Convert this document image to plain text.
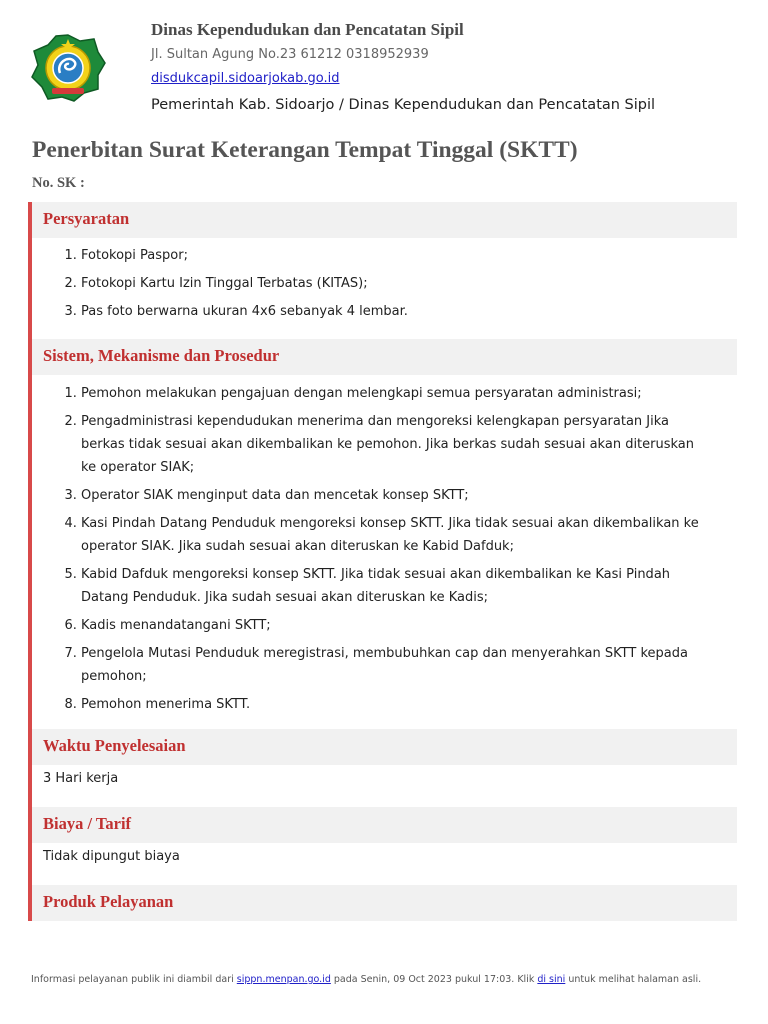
Dinas Kependudukan dan Pencatatan Sipil
Jl. Sultan Agung No.23 61212 0318952939
disdukcapil.sidoarjokab.go.id
Pemerintah Kab. Sidoarjo / Dinas Kependudukan dan Pencatatan Sipil
Penerbitan Surat Keterangan Tempat Tinggal (SKTT)
No. SK :
Persyaratan
1. Fotokopi Paspor;
2. Fotokopi Kartu Izin Tinggal Terbatas (KITAS);
3. Pas foto berwarna ukuran 4x6 sebanyak 4 lembar.
Sistem, Mekanisme dan Prosedur
1. Pemohon melakukan pengajuan dengan melengkapi semua persyaratan administrasi;
2. Pengadministrasi kependudukan menerima dan mengoreksi kelengkapan persyaratan Jika berkas tidak sesuai akan dikembalikan ke pemohon. Jika berkas sudah sesuai akan diteruskan ke operator SIAK;
3. Operator SIAK menginput data dan mencetak konsep SKTT;
4. Kasi Pindah Datang Penduduk mengoreksi konsep SKTT. Jika tidak sesuai akan dikembalikan ke operator SIAK. Jika sudah sesuai akan diteruskan ke Kabid Dafduk;
5. Kabid Dafduk mengoreksi konsep SKTT. Jika tidak sesuai akan dikembalikan ke Kasi Pindah Datang Penduduk. Jika sudah sesuai akan diteruskan ke Kadis;
6. Kadis menandatangani SKTT;
7. Pengelola Mutasi Penduduk meregistrasi, membubuhkan cap dan menyerahkan SKTT kepada pemohon;
8. Pemohon menerima SKTT.
Waktu Penyelesaian
3 Hari kerja
Biaya / Tarif
Tidak dipungut biaya
Produk Pelayanan
Informasi pelayanan publik ini diambil dari sippn.menpan.go.id pada Senin, 09 Oct 2023 pukul 17:03. Klik di sini untuk melihat halaman asli.
